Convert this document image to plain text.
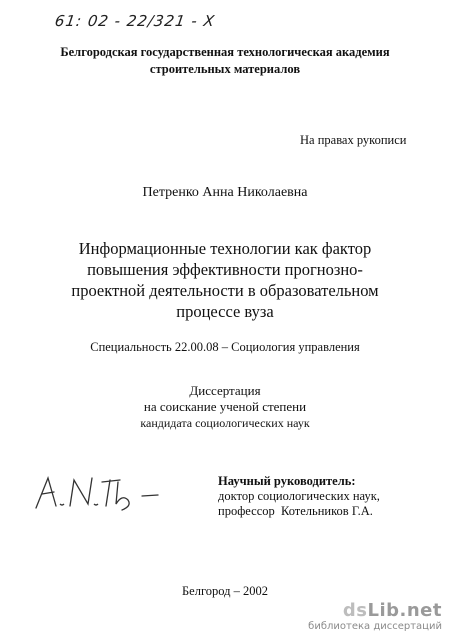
61: 02 - 22/321 - X
Белгородская государственная технологическая академия
строительных материалов
На правах рукописи
Петренко Анна Николаевна
Информационные технологии как фактор
повышения эффективности прогнозно-
проектной деятельности в образовательном
процессе вуза
Специальность 22.00.08 – Социология управления
Диссертация
на соискание ученой степени
кандидата социологических наук
Научный руководитель:
доктор социологических наук,
профессор  Котельников Г.А.
Белгород – 2002
dsLib.net
библиотека диссертаций
